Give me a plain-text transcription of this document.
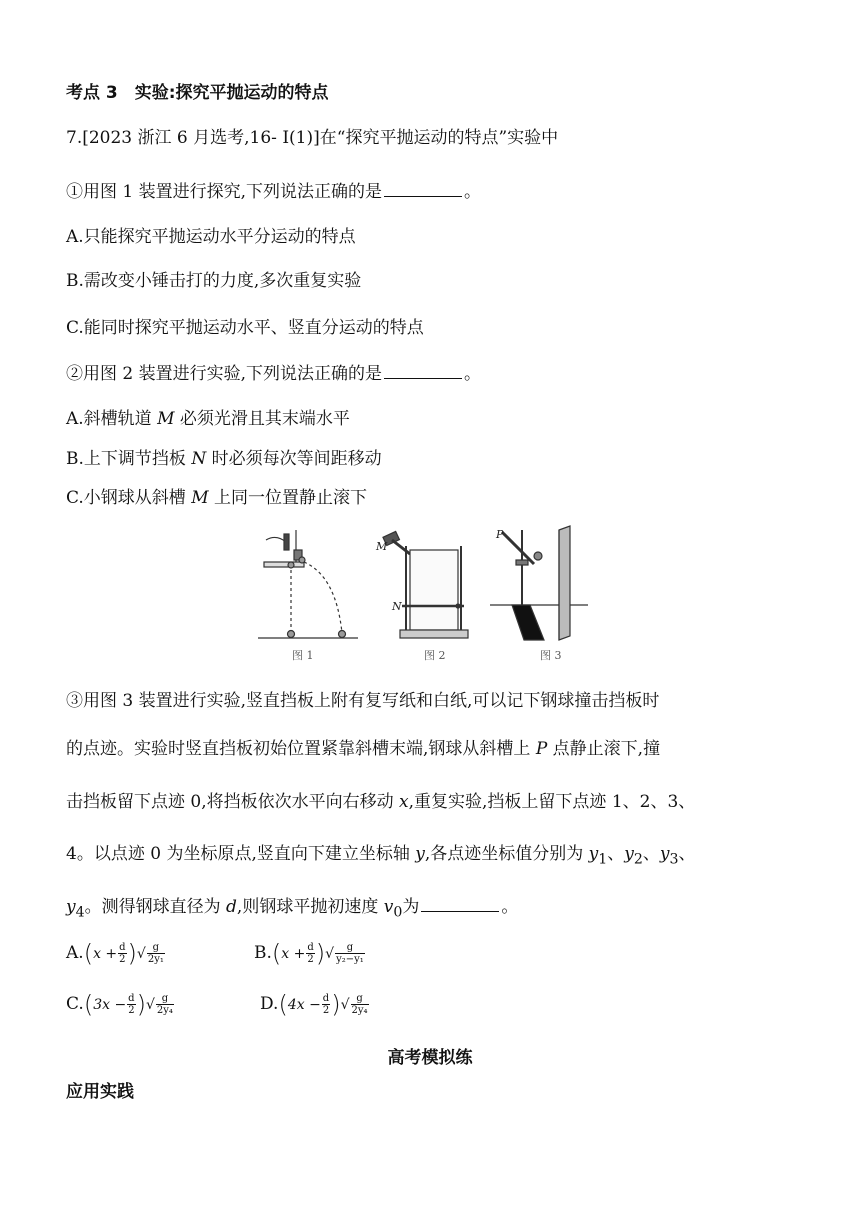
考点 3　实验:探究平抛运动的特点
7.[2023 浙江 6 月选考,16- Ⅰ(1)]在“探究平抛运动的特点”实验中
①用图 1 装置进行探究,下列说法正确的是	。
A.只能探究平抛运动水平分运动的特点
B.需改变小锤击打的力度,多次重复实验
C.能同时探究平抛运动水平、竖直分运动的特点
②用图 2 装置进行实验,下列说法正确的是	。
A.斜槽轨道 M 必须光滑且其末端水平
B.上下调节挡板 N 时必须每次等间距移动
C.小钢球从斜槽 M 上同一位置静止滚下
图 1
M
N
图 2
P
图 3
③用图 3 装置进行实验,竖直挡板上附有复写纸和白纸,可以记下钢球撞击挡板时
的点迹。实验时竖直挡板初始位置紧靠斜槽末端,钢球从斜槽上 P 点静止滚下,撞
击挡板留下点迹 0,将挡板依次水平向右移动 x,重复实验,挡板上留下点迹 1、2、3、
4。以点迹 0 为坐标原点,竖直向下建立坐标轴 y,各点迹坐标值分别为 $y_1$、$y_2$、$y_3$、
$y_4$。测得钢球直径为 d,则钢球平抛初速度 $v_0$为	。
$A.(x + \frac{d}{2}$ )√ $\frac{g}{\text{2y₁}}$	$B.(x + \frac{d}{2}$ )√ $\frac{g}{\text{y₂−y₁}}$
$C.(3x - \frac{d}{2}$ )√ $\frac{g}{\text{2y₄}}$	$D.(4x - \frac{d}{2}$ )√ $\frac{g}{\text{2y₄}}$
高考模拟练
应用实践
